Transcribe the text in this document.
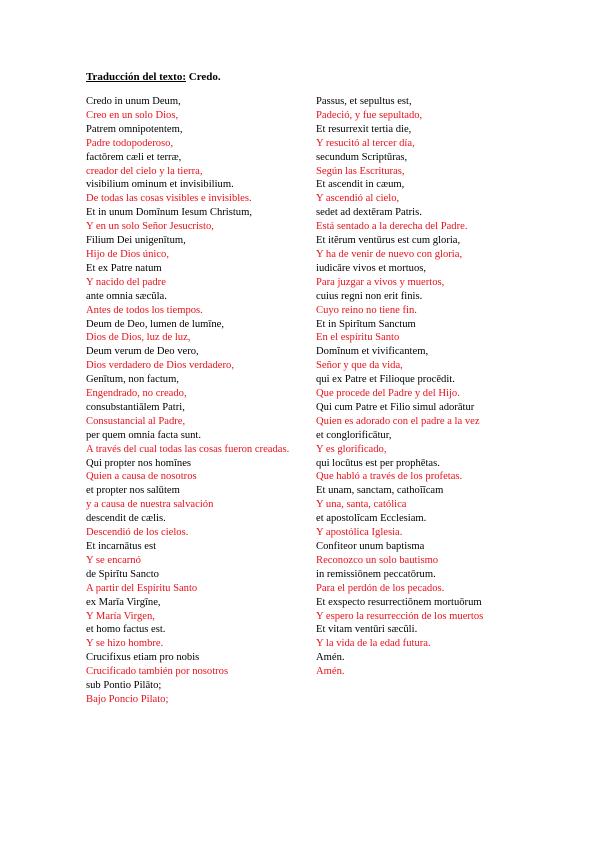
Traducción del texto: Credo.
Credo in unum Deum,
Creo en un solo Dios,
Patrem omnipotentem,
Padre todopoderoso,
factōrem cæli et terræ,
creador del cielo y la tierra,
visibilium ominum et invisibilium.
De todas las cosas visibles e invisibles.
Et in unum Domīnum Iesum Christum,
Y en un solo Señor Jesucristo,
Filium Dei unigenītum,
Hijo de Dios único,
Et ex Patre natum
Y nacido del padre
ante omnia sæcŭla.
Antes de todos los tiempos.
Deum de Deo, lumen de lumīne,
Dios de Dios, luz de luz,
Deum verum de Deo vero,
Dios verdadero de Dios verdadero,
Genītum, non factum,
Engendrado, no creado,
consubstantiālem Patri,
Consustancial al Padre,
per quem omnia facta sunt.
A través del cual todas las cosas fueron creadas.
Qui propter nos homīnes
Quien a causa de nosotros
et propter nos salūtem
y a causa de nuestra salvación
descendit de cælis.
Descendió de los cielos.
Et incarnātus est
Y se encarnó
de Spirĭtu Sancto
A partir del Espíritu Santo
ex Marīa Virgīne,
Y María Virgen,
et homo factus est.
Y se hizo hombre.
Crucifixus etiam pro nobis
Crucificado también por nosotros
sub Pontio Pilāto;
Bajo Poncio Pilato;
Passus, et sepultus est,
Padeció, y fue sepultado,
Et resurrexit tertia die,
Y resucitó al tercer día,
secundum Scriptūras,
Según las Escrituras,
Et ascendit in cæum,
Y ascendió al cielo,
sedet ad dextēram Patris.
Está sentado a la derecha del Padre.
Et itĕrum ventūrus est cum gloria,
Y ha de venir de nuevo con gloria,
iudicāre vivos et mortuos,
Para juzgar a vivos y muertos,
cuius regni non erit finis.
Cuyo reino no tiene fin.
Et in Spirĭtum Sanctum
En el espíritu Santo
Domĭnum et vivificantem,
Señor y que da vida,
qui ex Patre et Filioque procēdit.
Que procede del Padre y del Hijo.
Qui cum Patre et Filio simul adorātur
Quien es adorado con el padre a la vez
et conglorificātur,
Y es glorificado,
qui locūtus est per prophētas.
Que habló a través de los profetas.
Et unam, sanctam, cathoĭĭcam
Y una, santa, católica
et apostolĭcam Ecclesiam.
Y apostólica Iglesia.
Confiteor unum baptisma
Reconozco un solo bautismo
in remissiōnem peccatōrum.
Para el perdón de los pecados.
Et exspecto resurrectiōnem mortuōrum
Y espero la resurrección de los muertos
Et vitam ventūri sæcŭli.
Y la vida de la edad futura.
Amén.
Amén.
